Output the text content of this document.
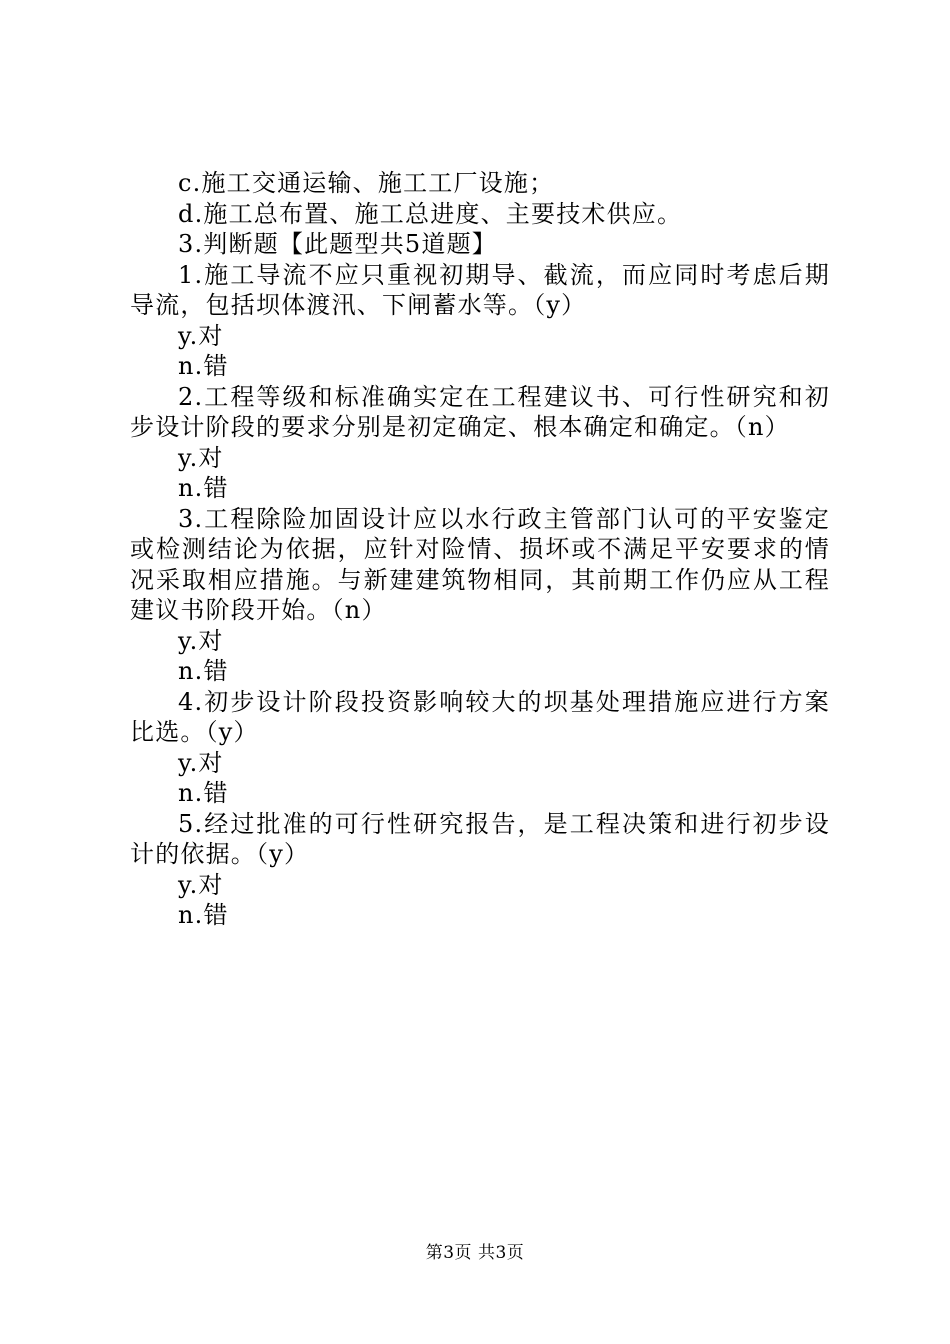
c.施工交通运输、施工工厂设施；

d.施工总布置、施工总进度、主要技术供应。

3.判断题【此题型共5道题】

1.施工导流不应只重视初期导、截流，而应同时考虑后期导流，包括坝体渡汛、下闸蓄水等。（y）

y.对

n.错

2.工程等级和标准确实定在工程建议书、可行性研究和初步设计阶段的要求分别是初定确定、根本确定和确定。（n）

y.对

n.错

3.工程除险加固设计应以水行政主管部门认可的平安鉴定或检测结论为依据，应针对险情、损坏或不满足平安要求的情况采取相应措施。与新建建筑物相同，其前期工作仍应从工程建议书阶段开始。（n）

y.对

n.错

4.初步设计阶段投资影响较大的坝基处理措施应进行方案比选。（y）

y.对

n.错

5.经过批准的可行性研究报告，是工程决策和进行初步设计的依据。（y）

y.对

n.错

第3页 共3页
